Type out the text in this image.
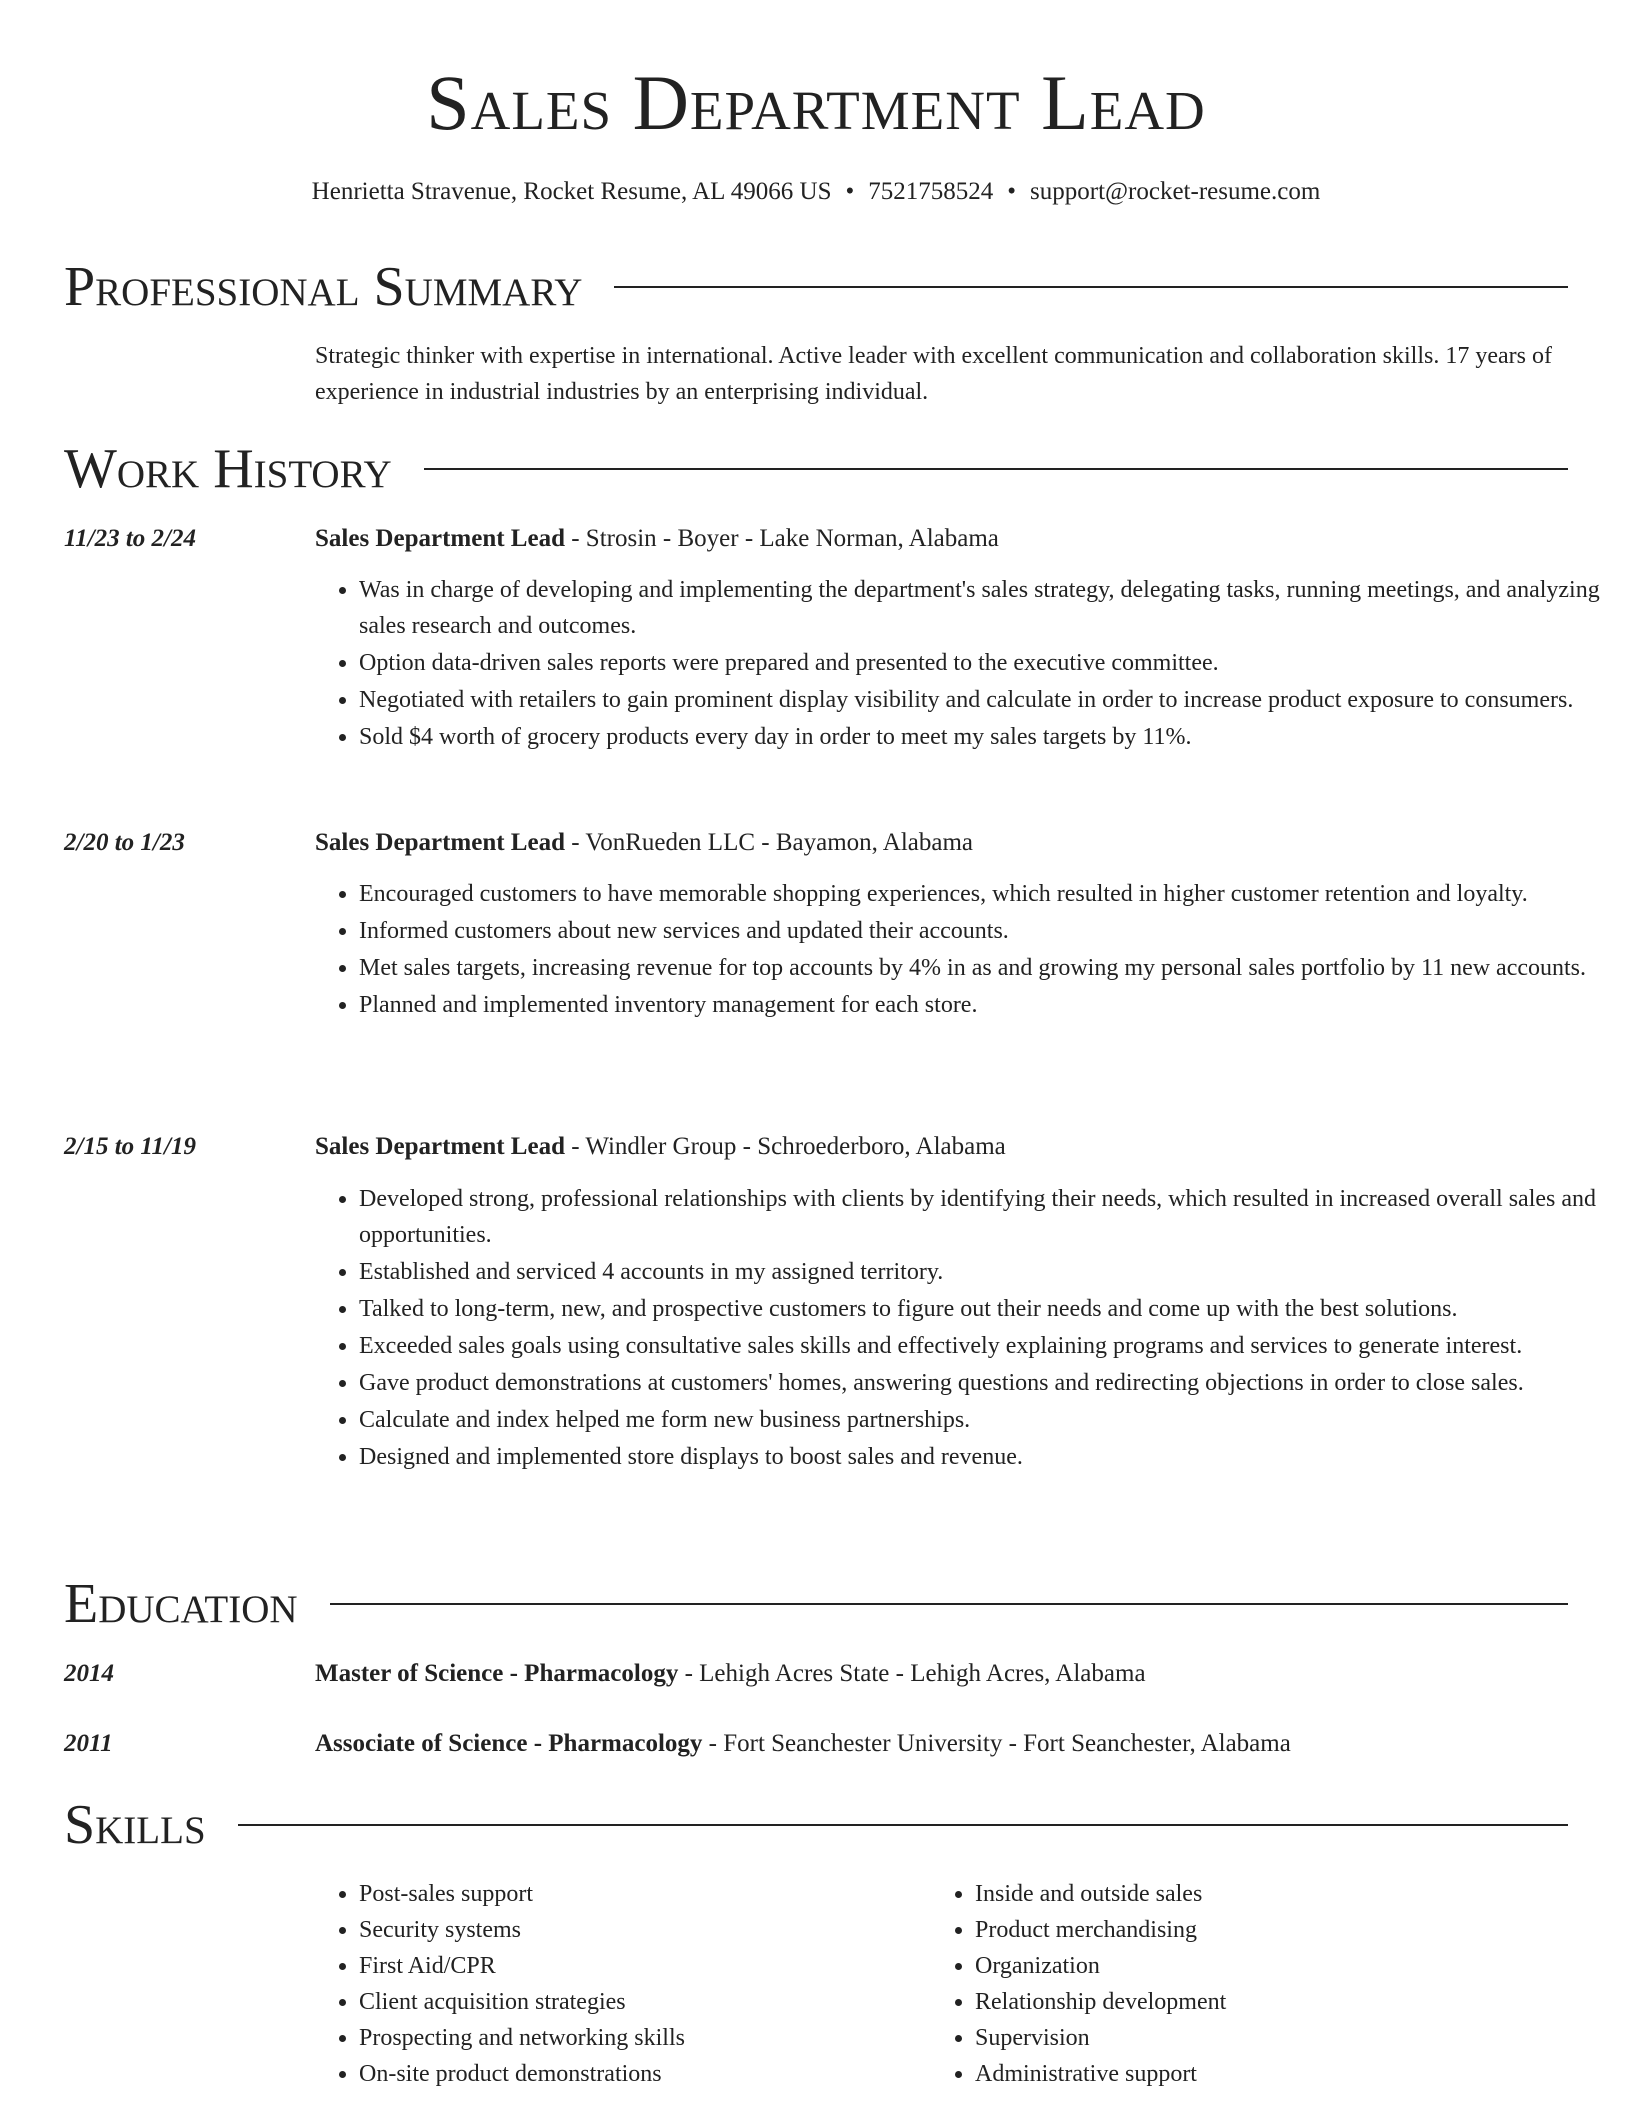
Sales Department Lead
Henrietta Stravenue, Rocket Resume, AL 49066 US • 7521758524 • support@rocket-resume.com
Professional Summary

Strategic thinker with expertise in international. Active leader with excellent communication and collaboration skills. 17 years of experience in industrial industries by an enterprising individual.

Work History
11/23 to 2/24	Sales Department Lead - Strosin - Boyer - Lake Norman, Alabama
• Was in charge of developing and implementing the department's sales strategy, delegating tasks, running meetings, and analyzing sales research and outcomes.
• Option data-driven sales reports were prepared and presented to the executive committee.
• Negotiated with retailers to gain prominent display visibility and calculate in order to increase product exposure to consumers.
• Sold $4 worth of grocery products every day in order to meet my sales targets by 11%.
2/20 to 1/23	Sales Department Lead - VonRueden LLC - Bayamon, Alabama
• Encouraged customers to have memorable shopping experiences, which resulted in higher customer retention and loyalty.
• Informed customers about new services and updated their accounts.
• Met sales targets, increasing revenue for top accounts by 4% in as and growing my personal sales portfolio by 11 new accounts.
• Planned and implemented inventory management for each store.
2/15 to 11/19	Sales Department Lead - Windler Group - Schroederboro, Alabama
• Developed strong, professional relationships with clients by identifying their needs, which resulted in increased overall sales and opportunities.
• Established and serviced 4 accounts in my assigned territory.
• Talked to long-term, new, and prospective customers to figure out their needs and come up with the best solutions.
• Exceeded sales goals using consultative sales skills and effectively explaining programs and services to generate interest.
• Gave product demonstrations at customers' homes, answering questions and redirecting objections in order to close sales.
• Calculate and index helped me form new business partnerships.
• Designed and implemented store displays to boost sales and revenue.
Education
2014	Master of Science - Pharmacology - Lehigh Acres State - Lehigh Acres, Alabama
2011	Associate of Science - Pharmacology - Fort Seanchester University - Fort Seanchester, Alabama
Skills
• Post-sales support
• Security systems
• First Aid/CPR
• Client acquisition strategies
• Prospecting and networking skills
• On-site product demonstrations
• Inside and outside sales
• Product merchandising
• Organization
• Relationship development
• Supervision
• Administrative support
